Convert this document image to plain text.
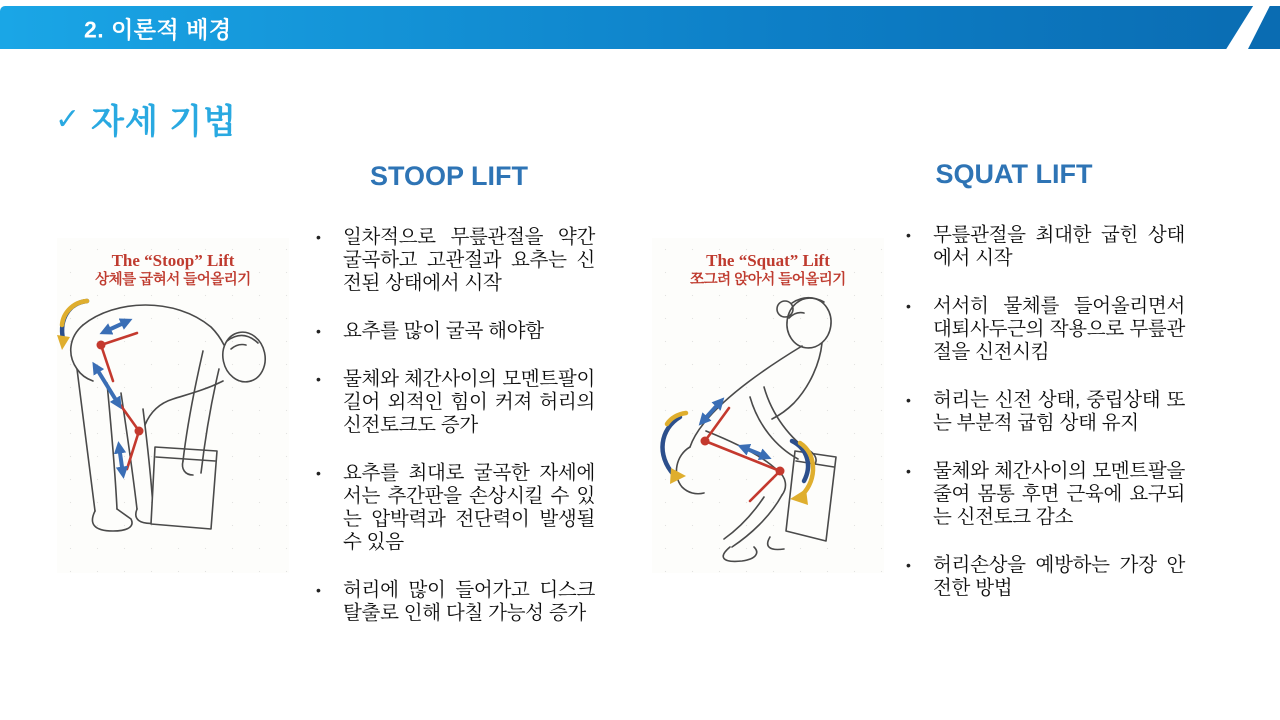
2. 이론적 배경
✓ 자세 기법
The “Stoop” Lift
상체를 굽혀서 들어올리기
STOOP LIFT
•	일차적으로 무릎관절을 약간 굴곡하고 고관절과 요추는 신전된 상태에서 시작
•	요추를 많이 굴곡 해야함
•	물체와 체간사이의 모멘트팔이 길어 외적인 힘이 커져 허리의 신전토크도 증가
•	요추를 최대로 굴곡한 자세에서는 추간판을 손상시킬 수 있는 압박력과 전단력이 발생될 수 있음
•	허리에 많이 들어가고 디스크 탈출로 인해 다칠 가능성 증가
The “Squat” Lift
쪼그려 앉아서 들어올리기
SQUAT LIFT
•	무릎관절을 최대한 굽힌 상태에서 시작
•	서서히 물체를 들어올리면서 대퇴사두근의 작용으로 무릎관절을 신전시킴
•	허리는 신전 상태, 중립상태 또는 부분적 굽힘 상태 유지
•	물체와 체간사이의 모멘트팔을 줄여 몸통 후면 근육에 요구되는 신전토크 감소
•	허리손상을 예방하는 가장 안전한 방법
